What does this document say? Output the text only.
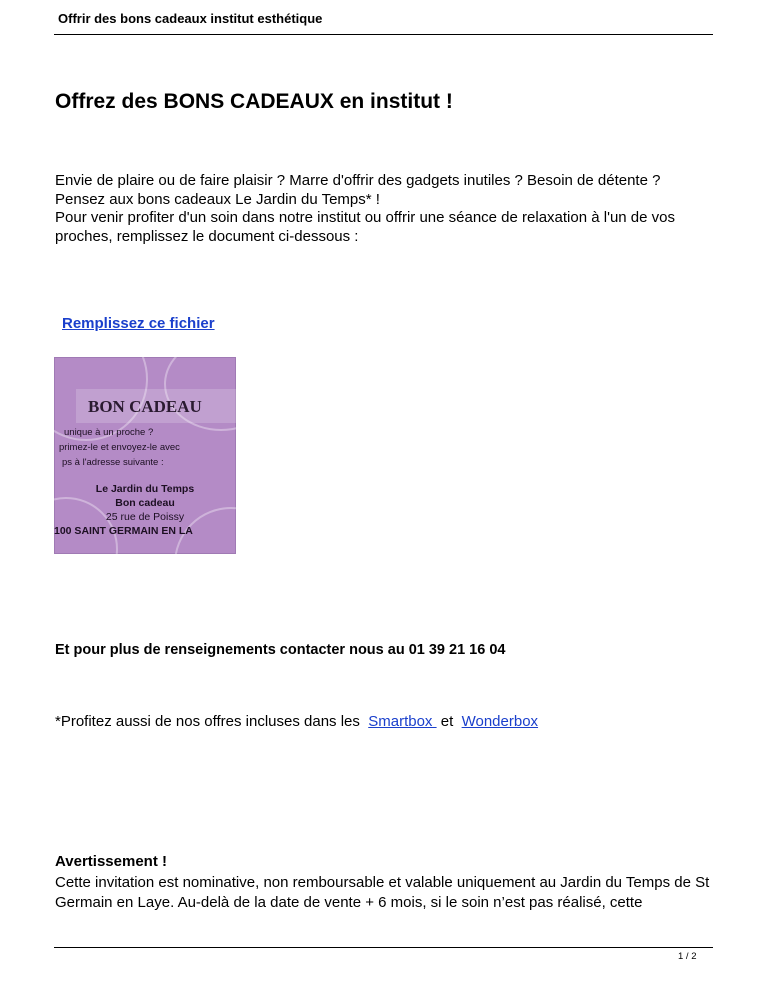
Offrir des bons cadeaux institut esthétique
Offrez des BONS CADEAUX en institut !

Envie de plaire ou de faire plaisir ? Marre d'offrir des gadgets inutiles ? Besoin de détente ?

Pensez aux bons cadeaux Le Jardin du Temps* !

Pour venir profiter d'un soin dans notre institut ou offrir une séance de relaxation à l'un de vos

proches, remplissez le document ci-dessous :

Remplissez ce fichier
BON CADEAU
unique à un proche ?
primez-le et envoyez-le avec
ps à l'adresse suivante :
Le Jardin du Temps
Bon cadeau
25 rue de Poissy
100 SAINT GERMAIN EN LA
Et pour plus de renseignements contacter nous au 01 39 21 16 04
*Profitez aussi de nos offres incluses dans les  Smartbox  et  Wonderbox
Avertissement !
Cette invitation est nominative, non remboursable et valable uniquement au Jardin du Temps de St Germain en Laye. Au-delà de la date de vente + 6 mois, si le soin n’est pas réalisé, cette
1 / 2
